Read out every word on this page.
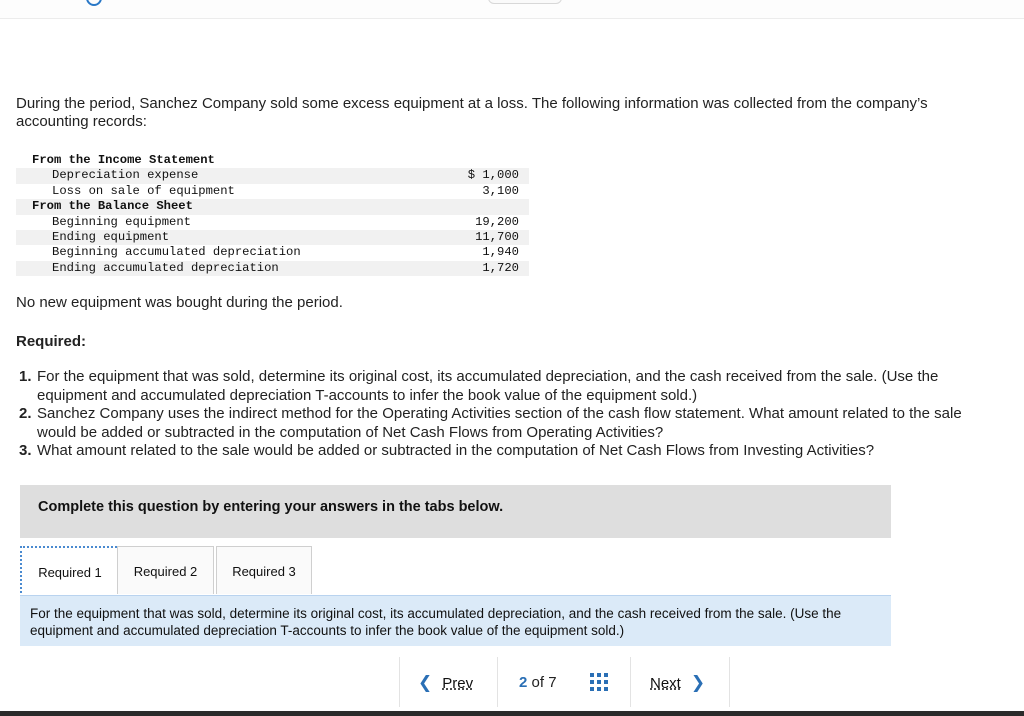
During the period, Sanchez Company sold some excess equipment at a loss. The following information was collected from the company’s accounting records:
From the Income Statement
Depreciation expense	$ 1,000
Loss on sale of equipment	3,100
From the Balance Sheet
Beginning equipment	19,200
Ending equipment	11,700
Beginning accumulated depreciation	1,940
Ending accumulated depreciation	1,720
No new equipment was bought during the period.
Required:
1. For the equipment that was sold, determine its original cost, its accumulated depreciation, and the cash received from the sale. (Use the equipment and accumulated depreciation T-accounts to infer the book value of the equipment sold.)
2. Sanchez Company uses the indirect method for the Operating Activities section of the cash flow statement. What amount related to the sale would be added or subtracted in the computation of Net Cash Flows from Operating Activities?
3. What amount related to the sale would be added or subtracted in the computation of Net Cash Flows from Investing Activities?
Complete this question by entering your answers in the tabs below.
Required 1	Required 2	Required 3
For the equipment that was sold, determine its original cost, its accumulated depreciation, and the cash received from the sale. (Use the equipment and accumulated depreciation T-accounts to infer the book value of the equipment sold.)
❮ Prev	2 of 7	Next ❯
